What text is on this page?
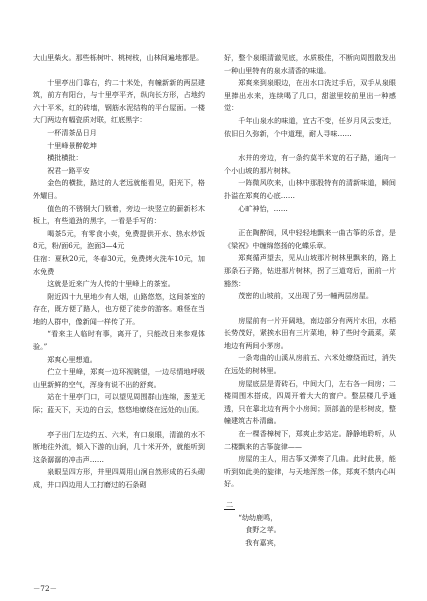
大山里柴火。那些栎树叶、桃树枝，山林间遍地都是。

十里亭出门靠右，约二十米处，有幢新新的两层建筑，前方有阳台，与十里亭平齐，纵向长方形，占地约六十平米，红的砖墙，钢筋水泥结构的平台屋面。一楼大门两边有幅瓷质对联，红底黑字：

一杯清茶品日月

十里峰景醉乾坤

横批横批：

祝君一路平安

金色的横批，路过的人老远就能看见，阳光下，格外耀目。

值色的不锈钢大门锁着，旁边一块竖立的薪新杉木板上，有些道劲的黑字，一看是手写的：

喝茶5元，有零食小卖，免费提供开水、热水炒饭8元，粉/面6元，泡面3—4元

住宿：夏秋20元，冬春30元，免费烤火洗车10元，加水免费

这就是近来广为人传的十里峰上的茶室。

附近四十九里地少有人烟，山路悠悠，这间茶室的存在，既方便了路人，也方便了徒步的游客。难怪在当地的人群中，像新闻一样传了开。

“看来主人临时有事，离开了，只能改日来参观体验。”

郑爽心里想道。

伫立十里峰，郑爽一边环视眺望，一边尽情地呼吸山里新鲜的空气，浑身有说不出的舒爽。

站在十里亭门口，可以望见周围群山连绵，葱茏无际；蓝天下，天边的白云，悠悠地缭绕在远处的山顶。

亭子出门左边约五、六米，有口泉眼，清澈的水不断地往外流，倾入下游的山涧，几十米开外，就能听到这条潺潺的冲击声……

泉眼呈四方形，井里四周用山涧自然形成的石头砌成，井口四边用人工打磨过的石条砌

好，整个泉眼清澈见底，水质极佳，不断向周围散发出一种山里特有的泉水清香的味道。

郑爽来到泉眼边，在出水口洗过手后，双手从泉眼里捧出水来，连续喝了几口，甜滋里较前里出一种感觉：

千年山泉水的味道，宜古不变，任岁月风云变迁，依旧日久弥新，个中道理，耐人寻味……

水井的旁边，有一条约莫半米宽的石子路，通向一个小山坡的那片树林。

一阵微风吹来，山林中那股特有的清新味道，瞬间扑溢在郑爽的心底……

心旷神怡，……

正在陶醉间，风中轻轻地飘来一曲古筝的乐音，是《梁祝》中缠绵悠扬的化蝶乐章。

郑爽循声望去，见从山坡那片树林里飘来的，路上那条石子路，钻进那片树林，拐了三道弯后，面前一片豁然：

茂密的山坡前，又出现了另一幢两层房屋。

房屋前有一片开阔地，南边部分有两片水田，水稻长势茂好，紧挨水田有三片菜地，种了些时令蔬菜，菜地边有两间小茅房。

一条弯曲的山溪从房前五、六米处缭绕而过，消失在远处的树林里。

房屋底层是青砖石，中间大门，左右各一间房；二楼周围木搭成，四周开着大大的窗户。整层楼几乎通透，只在靠北边有两个小房间；顶部盖的是杉树皮，整幢建筑古朴清幽。

在一棵香樟树下，郑爽止步站定。静静地聆听，从二楼飘来的古筝旋律——

房屋的主人，用古筝又弹奏了几曲。此时此景，能听到如此美的旋律，与天地浑然一体，郑爽不禁内心叫好。

二

“幼幼鹿鸣，

食野之苹。

我有嘉宾，

－72－
